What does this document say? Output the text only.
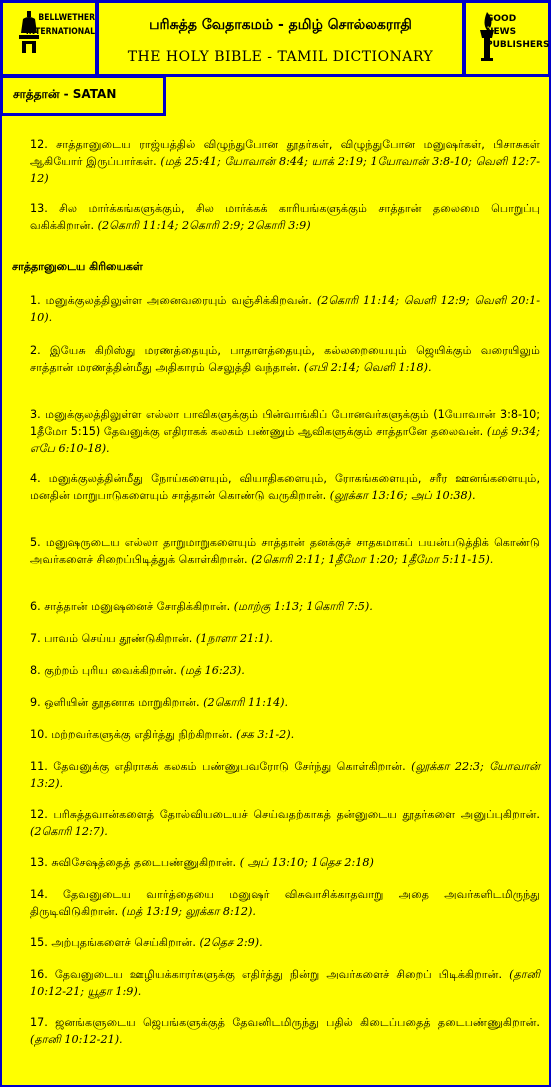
BELLWETHER
INTERNATIONAL	பரிசுத்த வேதாகமம் - தமிழ் சொல்லகராதி
THE HOLY BIBLE - TAMIL DICTIONARY
GOOD NEWS
PUBLISHERS
சாத்தான் - SATAN
12. சாத்தானுடைய ராஜ்யத்தில் விழுந்துபோன தூதர்கள், விழுந்துபோன மனுஷர்கள், பிசாசுகள் ஆகியோர் இருப்பார்கள். (மத் 25:41; யோவான் 8:44; யாக் 2:19; 1யோவான் 3:8-10; வெளி 12:7-12)
13. சில மார்க்கங்களுக்கும், சில மார்க்கக் காரியங்களுக்கும் சாத்தான் தலைமை பொறுப்பு வகிக்கிறான். (2கொரி 11:14; 2கொரி 2:9; 2கொரி 3:9)
சாத்தானுடைய கிரியைகள்
1. மனுக்குலத்திலுள்ள அனைவரையும் வஞ்சிக்கிறவன். (2கொரி 11:14; வெளி 12:9; வெளி 20:1-10).
2. இயேசு கிறிஸ்து மரணத்தையும், பாதாளத்தையும், கல்லறையையும் ஜெயிக்கும் வரையிலும் சாத்தான் மரணத்தின்மீது அதிகாரம் செலுத்தி வந்தான். (எபி 2:14; வெளி 1:18).
3. மனுக்குலத்திலுள்ள எல்லா பாவிகளுக்கும் பின்வாங்கிப் போனவர்களுக்கும் (1யோவான் 3:8-10; 1தீமோ 5:15) தேவனுக்கு எதிராகக் கலகம் பண்ணும் ஆவிகளுக்கும் சாத்தானே தலைவன். (மத் 9:34; எபே 6:10-18).
4. மனுக்குலத்தின்மீது நோய்களையும், வியாதிகளையும், ரோகங்களையும், சரீர ஊனங்களையும், மனதின் மாறுபாடுகளையும் சாத்தான் கொண்டு வருகிறான். (லூக்கா 13:16; அப் 10:38).
5. மனுஷருடைய எல்லா தாறுமாறுகளையும் சாத்தான் தனக்குச் சாதகமாகப் பயன்படுத்திக் கொண்டு அவர்களைச் சிறைப்பிடித்துக் கொள்கிறான். (2கொரி 2:11; 1தீமோ 1:20; 1தீமோ 5:11-15).
6. சாத்தான் மனுஷனைச் சோதிக்கிறான். (மாற்கு 1:13; 1கொரி 7:5).
7. பாவம் செய்ய தூண்டுகிறான். (1நாளா 21:1).
8. குற்றம் புரிய வைக்கிறான். (மத் 16:23).
9. ஒளியின் தூதனாக மாறுகிறான். (2கொரி 11:14).
10. மற்றவர்களுக்கு எதிர்த்து நிற்கிறான். (சக 3:1-2).
11. தேவனுக்கு எதிராகக் கலகம் பண்ணுபவரோடு சேர்ந்து கொள்கிறான். (லூக்கா 22:3; யோவான் 13:2).
12. பரிசுத்தவான்களைத் தோல்வியடையச் செய்வதற்காகத் தன்னுடைய தூதர்களை அனுப்புகிறான். (2கொரி 12:7).
13. சுவிசேஷத்தைத் தடைபண்ணுகிறான். ( அப் 13:10; 1தெச 2:18)
14. தேவனுடைய வார்த்தையை மனுஷர் விசுவாசிக்காதவாறு அதை அவர்களிடமிருந்து திருடிவிடுகிறான். (மத் 13:19; லூக்கா 8:12).
15. அற்புதங்களைச் செய்கிறான். (2தெச 2:9).
16. தேவனுடைய ஊழியக்காரர்களுக்கு எதிர்த்து நின்று அவர்களைச் சிறைப் பிடிக்கிறான். (தானி 10:12-21; யூதா 1:9).
17. ஜனங்களுடைய ஜெபங்களுக்குத் தேவனிடமிருந்து பதில் கிடைப்பதைத் தடைபண்ணுகிறான். (தானி 10:12-21).
